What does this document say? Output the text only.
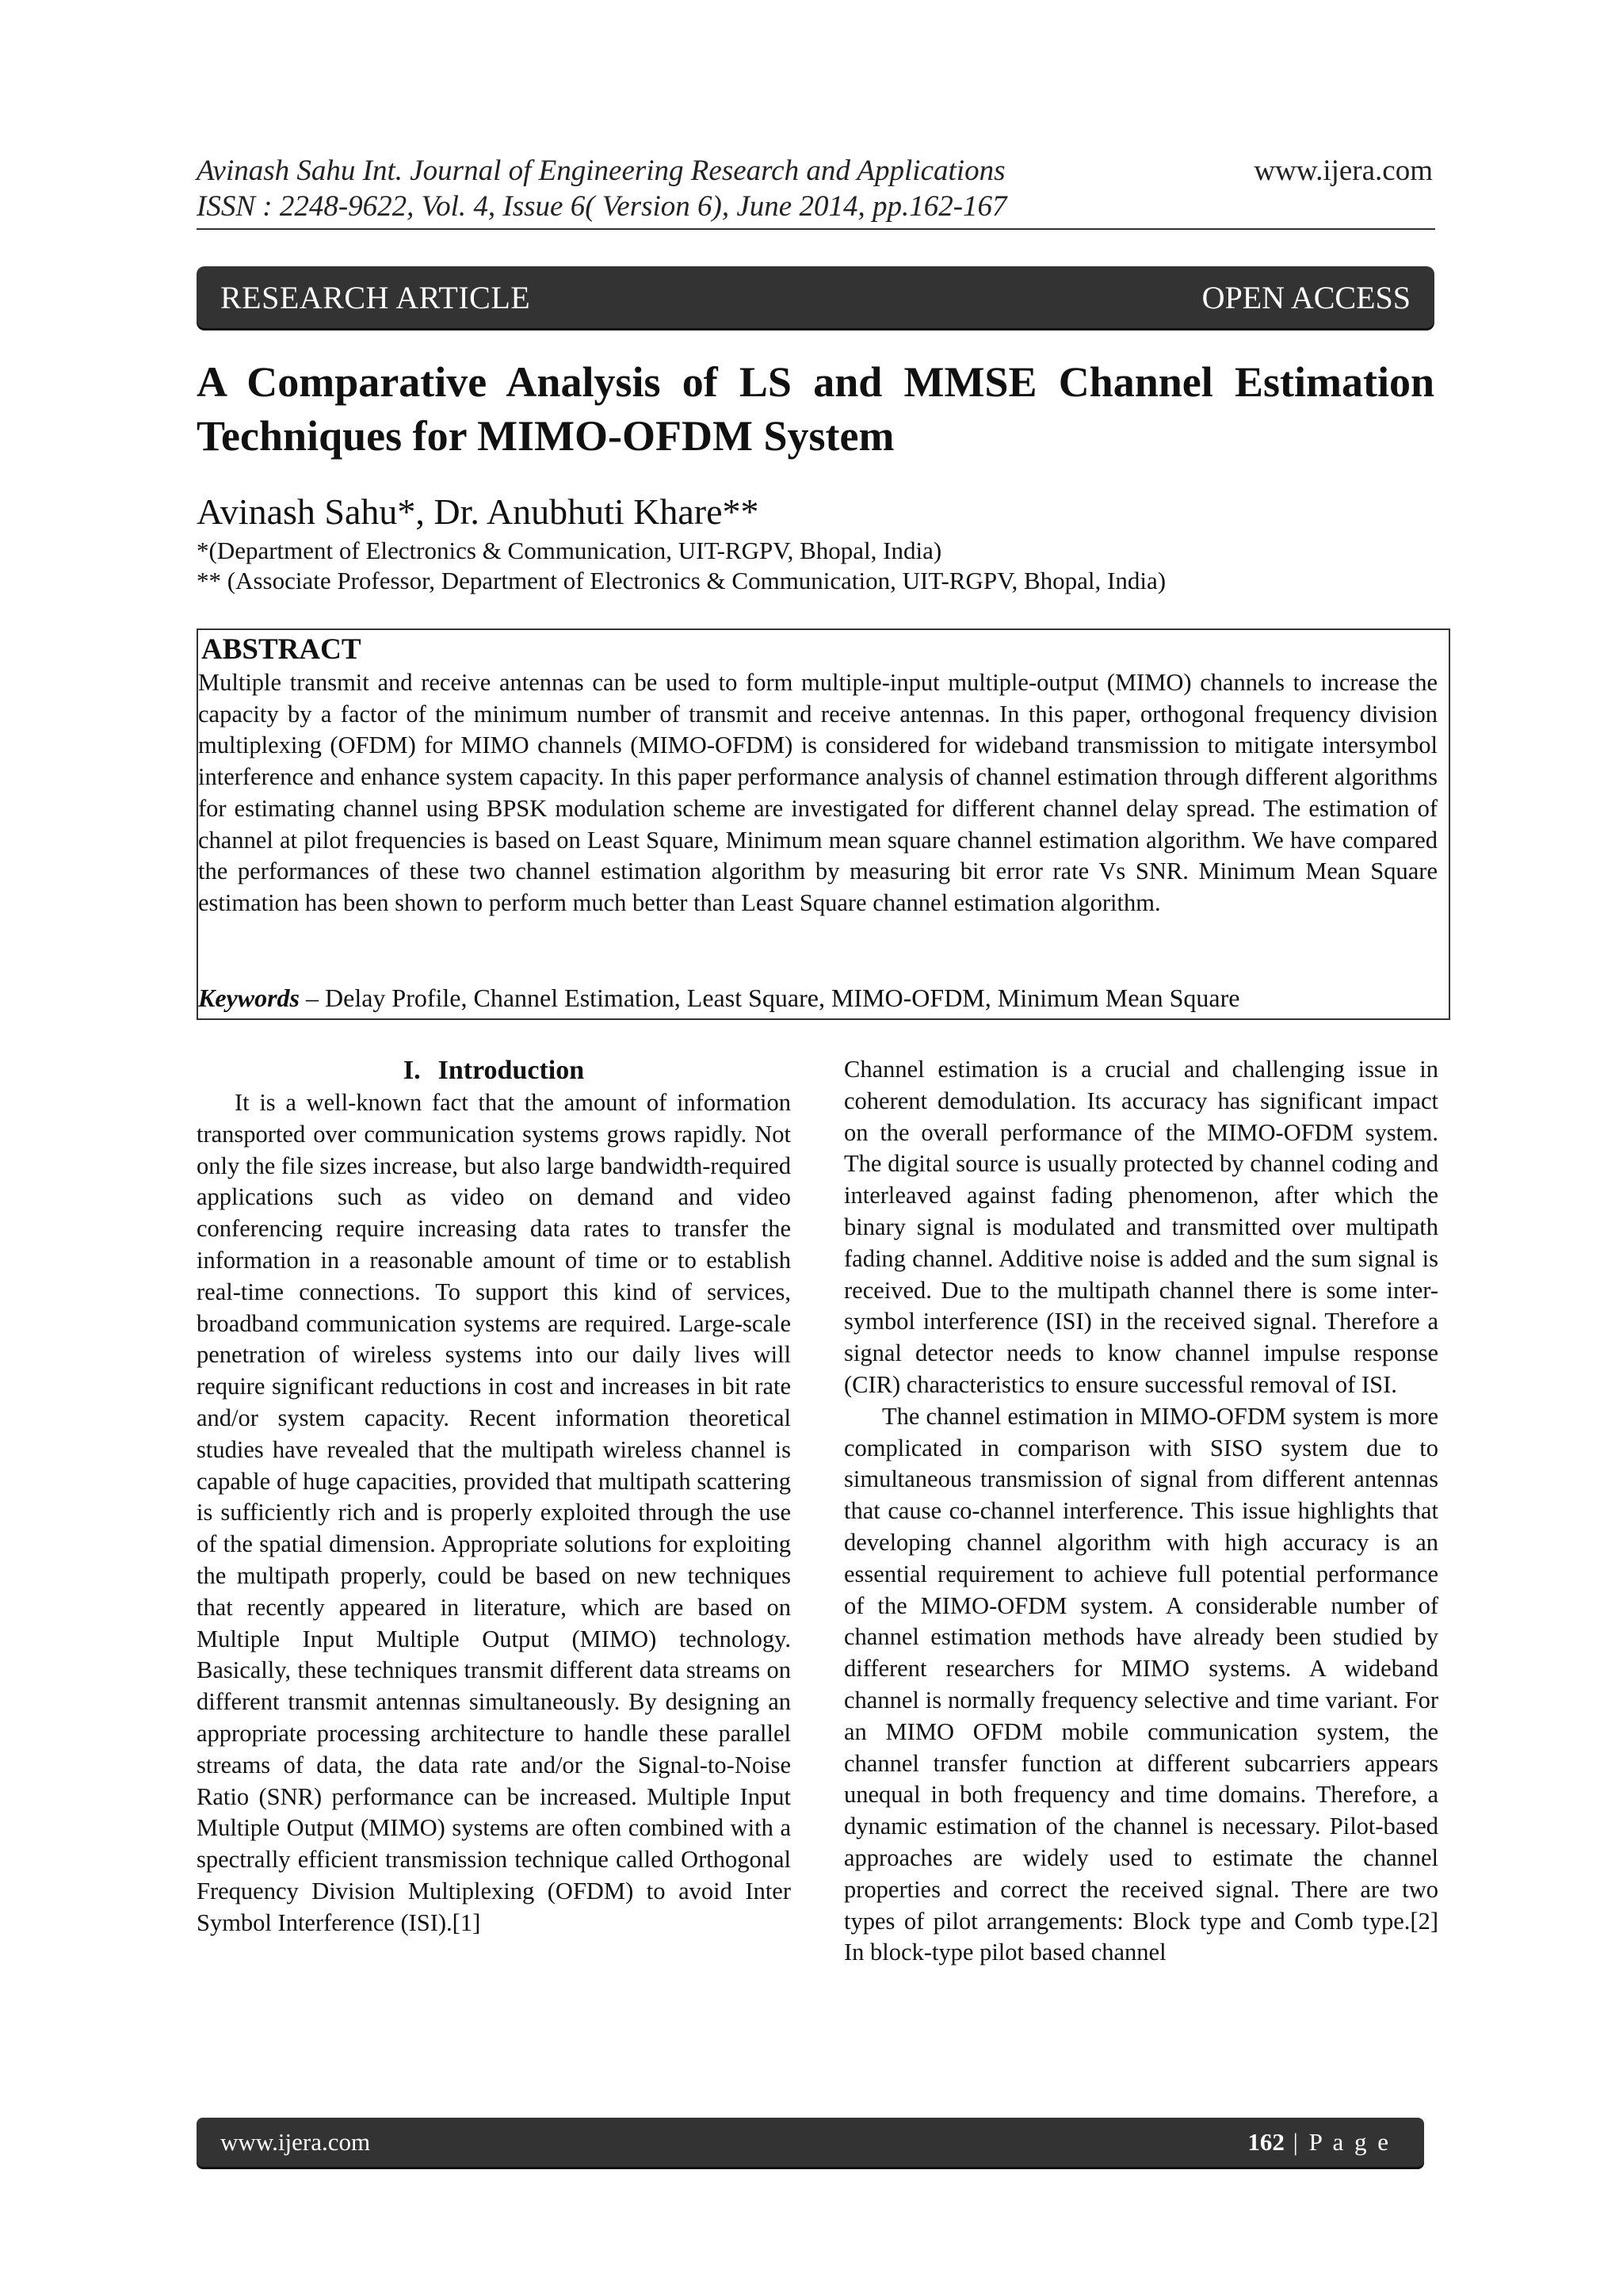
Avinash Sahu Int. Journal of Engineering Research and Applications
ISSN : 2248-9622, Vol. 4, Issue 6( Version 6), June 2014, pp.162-167
www.ijera.com
RESEARCH ARTICLE	OPEN ACCESS
A Comparative Analysis of LS and MMSE Channel Estimation
Techniques for MIMO-OFDM System
Avinash Sahu*, Dr. Anubhuti Khare**
*(Department of Electronics & Communication, UIT-RGPV, Bhopal, India)
** (Associate Professor, Department of Electronics & Communication, UIT-RGPV, Bhopal, India)
ABSTRACT
Multiple transmit and receive antennas can be used to form multiple-input multiple-output (MIMO) channels to increase the capacity by a factor of the minimum number of transmit and receive antennas. In this paper, orthogonal frequency division multiplexing (OFDM) for MIMO channels (MIMO-OFDM) is considered for wideband transmission to mitigate intersymbol interference and enhance system capacity. In this paper performance analysis of channel estimation through different algorithms for estimating channel using BPSK modulation scheme are investigated for different channel delay spread. The estimation of channel at pilot frequencies is based on Least Square, Minimum mean square channel estimation algorithm. We have compared the performances of these two channel estimation algorithm by measuring bit error rate Vs SNR. Minimum Mean Square estimation has been shown to perform much better than Least Square channel estimation algorithm.
Keywords – Delay Profile, Channel Estimation, Least Square, MIMO-OFDM, Minimum Mean Square
I. Introduction

It is a well-known fact that the amount of information transported over communication systems grows rapidly. Not only the file sizes increase, but also large bandwidth-required applications such as video on demand and video conferencing require increasing data rates to transfer the information in a reasonable amount of time or to establish real-time connections. To support this kind of services, broadband communication systems are required. Large-scale penetration of wireless systems into our daily lives will require significant reductions in cost and increases in bit rate and/or system capacity. Recent information theoretical studies have revealed that the multipath wireless channel is capable of huge capacities, provided that multipath scattering is sufficiently rich and is properly exploited through the use of the spatial dimension. Appropriate solutions for exploiting the multipath properly, could be based on new techniques that recently appeared in literature, which are based on Multiple Input Multiple Output (MIMO) technology. Basically, these techniques transmit different data streams on different transmit antennas simultaneously. By designing an appropriate processing architecture to handle these parallel streams of data, the data rate and/or the Signal-to-Noise Ratio (SNR) performance can be increased. Multiple Input Multiple Output (MIMO) systems are often combined with a spectrally efficient transmission technique called Orthogonal Frequency Division Multiplexing (OFDM) to avoid Inter Symbol Interference (ISI).[1]

Channel estimation is a crucial and challenging issue in coherent demodulation. Its accuracy has significant impact on the overall performance of the MIMO-OFDM system. The digital source is usually protected by channel coding and interleaved against fading phenomenon, after which the binary signal is modulated and transmitted over multipath fading channel. Additive noise is added and the sum signal is received. Due to the multipath channel there is some inter-symbol interference (ISI) in the received signal. Therefore a signal detector needs to know channel impulse response (CIR) characteristics to ensure successful removal of ISI.

The channel estimation in MIMO-OFDM system is more complicated in comparison with SISO system due to simultaneous transmission of signal from different antennas that cause co-channel interference. This issue highlights that developing channel algorithm with high accuracy is an essential requirement to achieve full potential performance of the MIMO-OFDM system. A considerable number of channel estimation methods have already been studied by different researchers for MIMO systems. A wideband channel is normally frequency selective and time variant. For an MIMO OFDM mobile communication system, the channel transfer function at different subcarriers appears unequal in both frequency and time domains. Therefore, a dynamic estimation of the channel is necessary. Pilot-based approaches are widely used to estimate the channel properties and correct the received signal. There are two types of pilot arrangements: Block type and Comb type.[2] In block-type pilot based channel

www.ijera.com	162 | P a g e
